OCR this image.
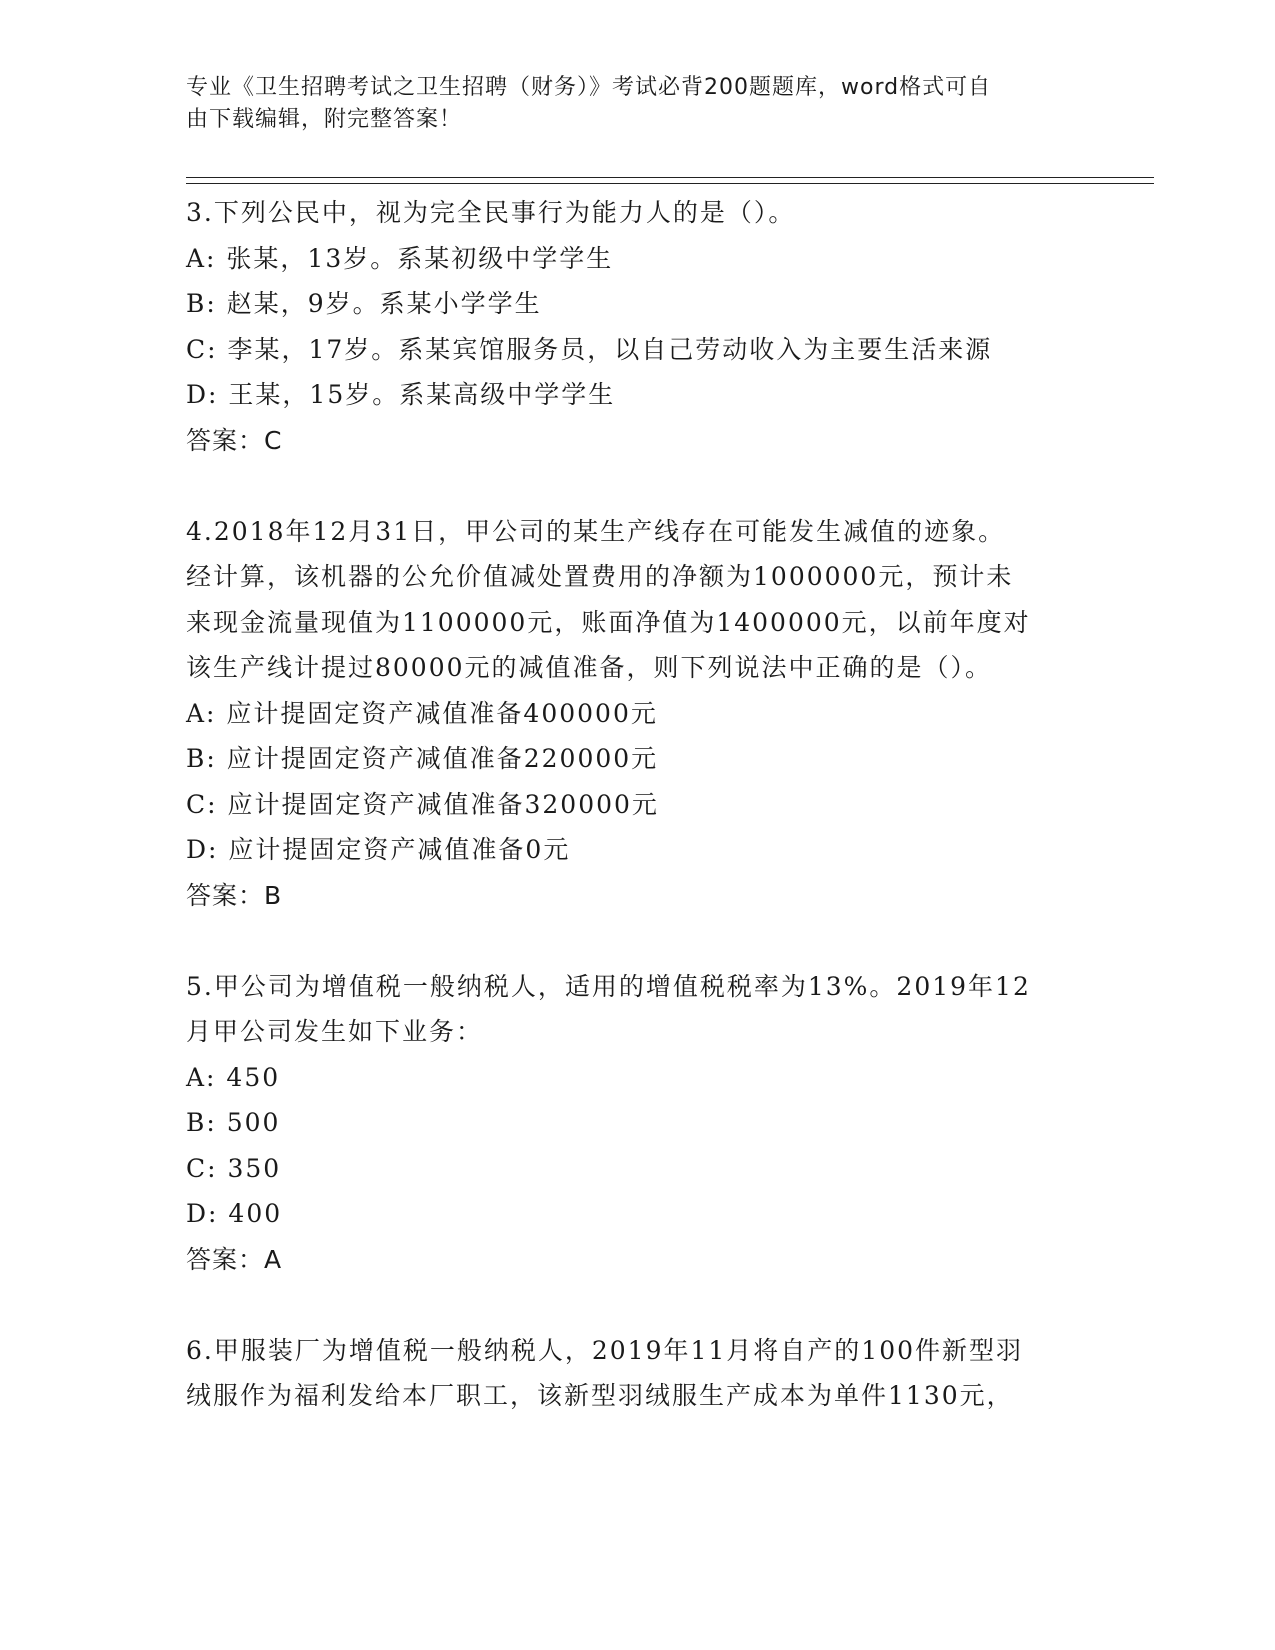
专业《卫生招聘考试之卫生招聘（财务）》考试必背200题题库，word格式可自
由下载编辑，附完整答案！
3.下列公民中，视为完全民事行为能力人的是（）。
A: 张某，13岁。系某初级中学学生
B: 赵某，9岁。系某小学学生
C: 李某，17岁。系某宾馆服务员，以自己劳动收入为主要生活来源
D: 王某，15岁。系某高级中学学生
答案：C
4.2018年12月31日，甲公司的某生产线存在可能发生减值的迹象。
经计算，该机器的公允价值减处置费用的净额为1000000元，预计未
来现金流量现值为1100000元，账面净值为1400000元，以前年度对
该生产线计提过80000元的减值准备，则下列说法中正确的是（）。
A: 应计提固定资产减值准备400000元
B: 应计提固定资产减值准备220000元
C: 应计提固定资产减值准备320000元
D: 应计提固定资产减值准备0元
答案：B
5.甲公司为增值税一般纳税人，适用的增值税税率为13%。2019年12
月甲公司发生如下业务：
A: 450
B: 500
C: 350
D: 400
答案：A
6.甲服装厂为增值税一般纳税人，2019年11月将自产的100件新型羽
绒服作为福利发给本厂职工，该新型羽绒服生产成本为单件1130元，
